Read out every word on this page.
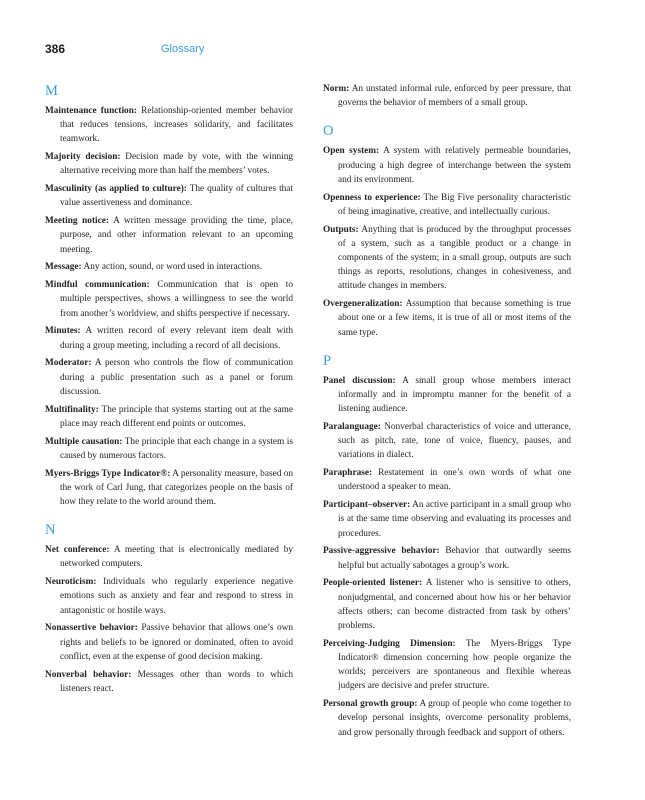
386	Glossary
M

Maintenance function: Relationship-oriented member behavior that reduces tensions, increases solidarity, and facilitates teamwork.

Majority decision: Decision made by vote, with the winning alternative receiving more than half the members’ votes.

Masculinity (as applied to culture): The quality of cultures that value assertiveness and dominance.

Meeting notice: A written message providing the time, place, purpose, and other information relevant to an upcoming meeting.

Message: Any action, sound, or word used in interactions.

Mindful communication: Communication that is open to multiple perspectives, shows a willingness to see the world from another’s worldview, and shifts perspective if necessary.

Minutes: A written record of every relevant item dealt with during a group meeting, including a record of all decisions.

Moderator: A person who controls the flow of communication during a public presentation such as a panel or forum discussion.

Multifinality: The principle that systems starting out at the same place may reach different end points or outcomes.

Multiple causation: The principle that each change in a system is caused by numerous factors.

Myers-Briggs Type Indicator®: A personality measure, based on the work of Carl Jung, that categorizes people on the basis of how they relate to the world around them.

N

Net conference: A meeting that is electronically mediated by networked computers.

Neuroticism: Individuals who regularly experience negative emotions such as anxiety and fear and respond to stress in antagonistic or hostile ways.

Nonassertive behavior: Passive behavior that allows one’s own rights and beliefs to be ignored or dominated, often to avoid conflict, even at the expense of good decision making.

Nonverbal behavior: Messages other than words to which listeners react.

Norm: An unstated informal rule, enforced by peer pressure, that governs the behavior of members of a small group.

O

Open system: A system with relatively permeable boundaries, producing a high degree of interchange between the system and its environment.

Openness to experience: The Big Five personality characteristic of being imaginative, creative, and intellectually curious.

Outputs: Anything that is produced by the throughput processes of a system, such as a tangible product or a change in components of the system; in a small group, outputs are such things as reports, resolutions, changes in cohesiveness, and attitude changes in members.

Overgeneralization: Assumption that because something is true about one or a few items, it is true of all or most items of the same type.

P

Panel discussion: A small group whose members interact informally and in impromptu manner for the benefit of a listening audience.

Paralanguage: Nonverbal characteristics of voice and utterance, such as pitch, rate, tone of voice, fluency, pauses, and variations in dialect.

Paraphrase: Restatement in one’s own words of what one understood a speaker to mean.

Participant–observer: An active participant in a small group who is at the same time observing and evaluating its processes and procedures.

Passive-aggressive behavior: Behavior that outwardly seems helpful but actually sabotages a group’s work.

People-oriented listener: A listener who is sensitive to others, nonjudgmental, and concerned about how his or her behavior affects others; can become distracted from task by others’ problems.

Perceiving-Judging Dimension: The Myers-Briggs Type Indicator® dimension concerning how people organize the worlds; perceivers are spontaneous and flexible whereas judgers are decisive and prefer structure.

Personal growth group: A group of people who come together to develop personal insights, overcome personality problems, and grow personally through feedback and support of others.
